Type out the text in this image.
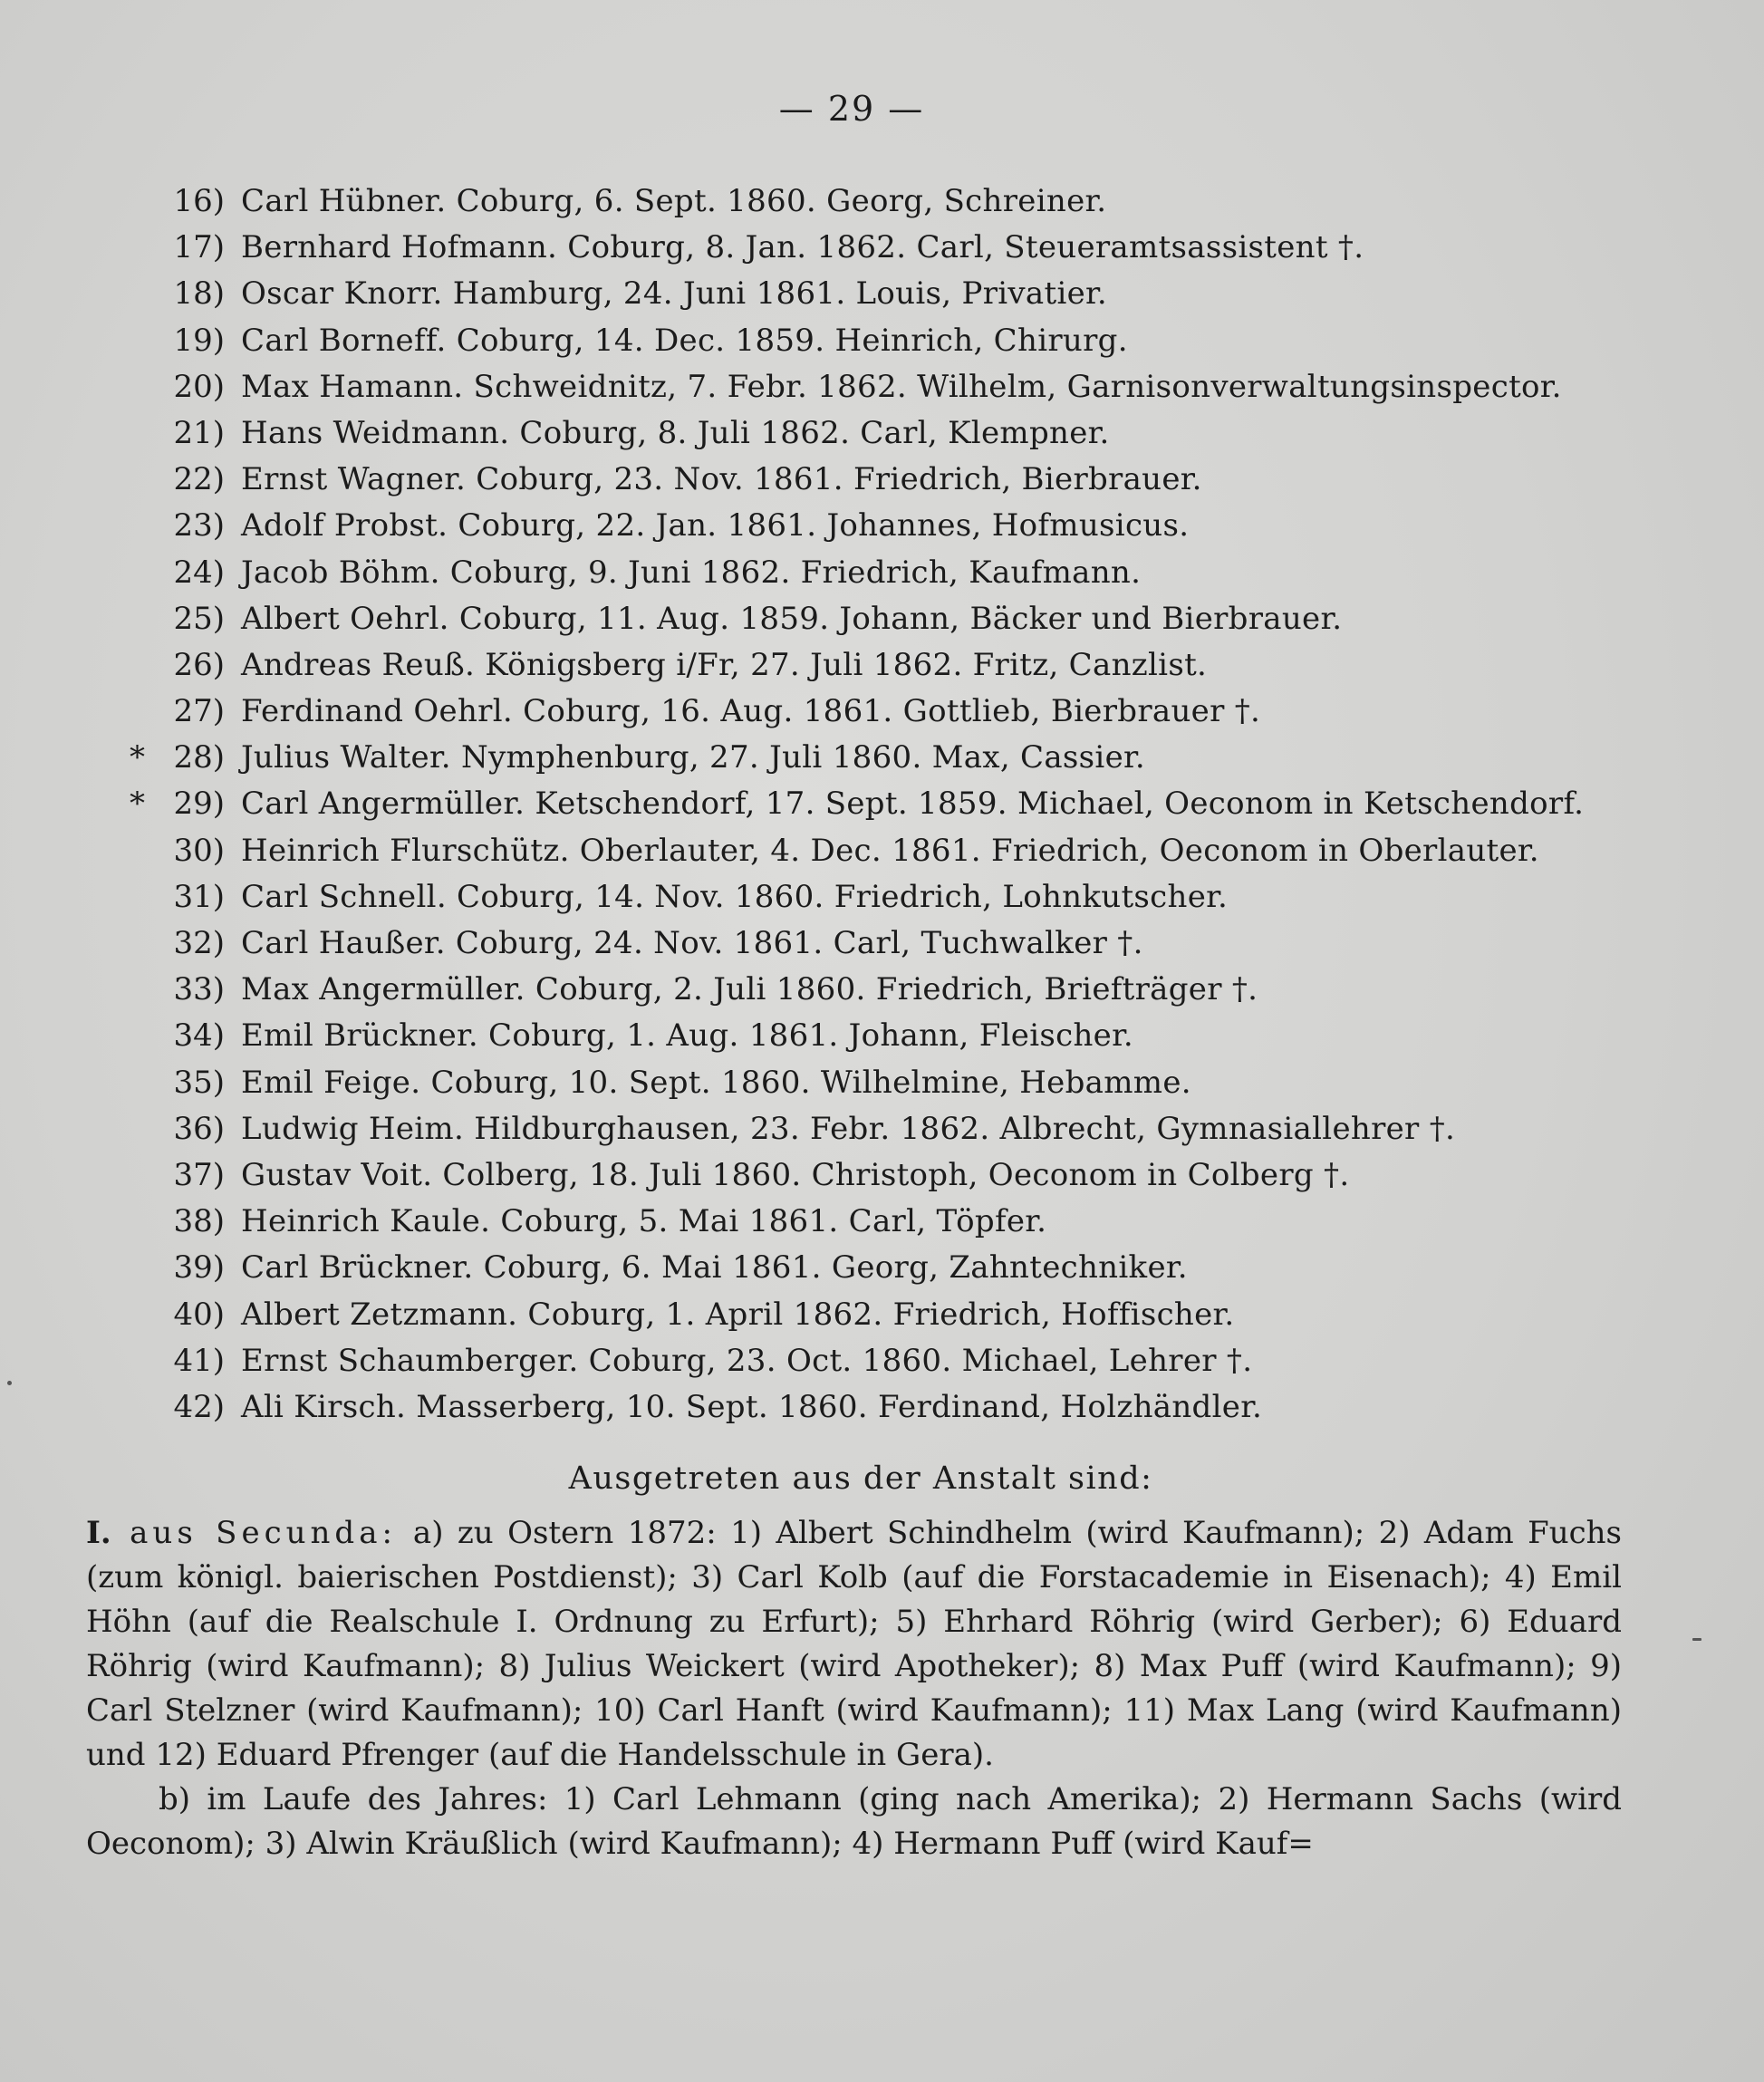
— 29 —
16) Carl Hübner. Coburg, 6. Sept. 1860. Georg, Schreiner.
17) Bernhard Hofmann. Coburg, 8. Jan. 1862. Carl, Steueramtsassistent †.
18) Oscar Knorr. Hamburg, 24. Juni 1861. Louis, Privatier.
19) Carl Borneff. Coburg, 14. Dec. 1859. Heinrich, Chirurg.
20) Max Hamann. Schweidnitz, 7. Febr. 1862. Wilhelm, Garnisonverwaltungsinspector.
21) Hans Weidmann. Coburg, 8. Juli 1862. Carl, Klempner.
22) Ernst Wagner. Coburg, 23. Nov. 1861. Friedrich, Bierbrauer.
23) Adolf Probst. Coburg, 22. Jan. 1861. Johannes, Hofmusicus.
24) Jacob Böhm. Coburg, 9. Juni 1862. Friedrich, Kaufmann.
25) Albert Oehrl. Coburg, 11. Aug. 1859. Johann, Bäcker und Bierbrauer.
26) Andreas Reuß. Königsberg i/Fr, 27. Juli 1862. Fritz, Canzlist.
27) Ferdinand Oehrl. Coburg, 16. Aug. 1861. Gottlieb, Bierbrauer †.
* 28) Julius Walter. Nymphenburg, 27. Juli 1860. Max, Cassier.
* 29) Carl Angermüller. Ketschendorf, 17. Sept. 1859. Michael, Oeconom in Ketschendorf.
30) Heinrich Flurschütz. Oberlauter, 4. Dec. 1861. Friedrich, Oeconom in Oberlauter.
31) Carl Schnell. Coburg, 14. Nov. 1860. Friedrich, Lohnkutscher.
32) Carl Haußer. Coburg, 24. Nov. 1861. Carl, Tuchwalker †.
33) Max Angermüller. Coburg, 2. Juli 1860. Friedrich, Briefträger †.
34) Emil Brückner. Coburg, 1. Aug. 1861. Johann, Fleischer.
35) Emil Feige. Coburg, 10. Sept. 1860. Wilhelmine, Hebamme.
36) Ludwig Heim. Hildburghausen, 23. Febr. 1862. Albrecht, Gymnasiallehrer †.
37) Gustav Voit. Colberg, 18. Juli 1860. Christoph, Oeconom in Colberg †.
38) Heinrich Kaule. Coburg, 5. Mai 1861. Carl, Töpfer.
39) Carl Brückner. Coburg, 6. Mai 1861. Georg, Zahntechniker.
40) Albert Zetzmann. Coburg, 1. April 1862. Friedrich, Hoffischer.
41) Ernst Schaumberger. Coburg, 23. Oct. 1860. Michael, Lehrer †.
42) Ali Kirsch. Masserberg, 10. Sept. 1860. Ferdinand, Holzhändler.
Ausgetreten aus der Anstalt sind:

I. aus Secunda: a) zu Ostern 1872: 1) Albert Schindhelm (wird Kaufmann); 2) Adam Fuchs (zum königl. baierischen Postdienst); 3) Carl Kolb (auf die Forstacademie in Eisenach); 4) Emil Höhn (auf die Realschule I. Ordnung zu Erfurt); 5) Ehrhard Röhrig (wird Gerber); 6) Eduard Röhrig (wird Kaufmann); 8) Julius Weickert (wird Apotheker); 8) Max Puff (wird Kaufmann); 9) Carl Stelzner (wird Kaufmann); 10) Carl Hanft (wird Kaufmann); 11) Max Lang (wird Kaufmann) und 12) Eduard Pfrenger (auf die Handelsschule in Gera).

b) im Laufe des Jahres: 1) Carl Lehmann (ging nach Amerika); 2) Hermann Sachs (wird Oeconom); 3) Alwin Kräußlich (wird Kaufmann); 4) Hermann Puff (wird Kauf=
